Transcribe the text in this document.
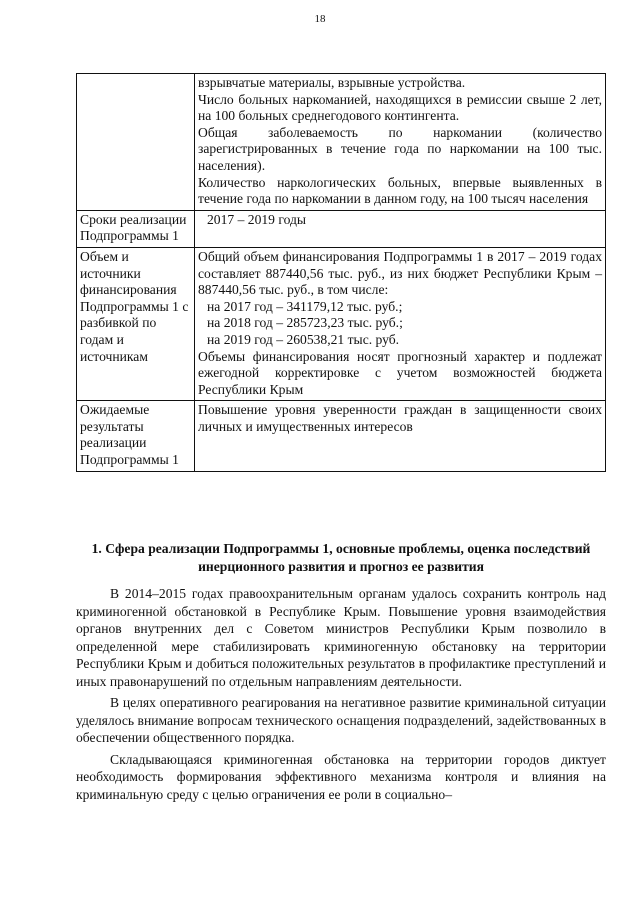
18

	взрывчатые материалы, взрывные устройства.
Число больных наркоманией, находящихся в ремиссии свыше 2 лет, на 100 больных среднегодового контингента.
Общая заболеваемость по наркомании (количество зарегистрированных в течение года по наркомании на 100 тыс. населения).
Количество наркологических больных, впервые выявленных в течение года по наркомании в данном году, на 100 тысяч населения

Сроки реализации Подпрограммы 1	2017 – 2019 годы
Объем и источники финансирования Подпрограммы 1 с разбивкой по годам и источникам	Общий объем финансирования Подпрограммы 1 в 2017 – 2019 годах составляет 887440,56 тыс. руб., из них бюджет Республики Крым – 887440,56 тыс. руб., в том числе:
на 2017 год – 341179,12 тыс. руб.;
на 2018 год – 285723,23 тыс. руб.;
на 2019 год – 260538,21 тыс. руб.
Объемы финансирования носят прогнозный характер и подлежат ежегодной корректировке с учетом возможностей бюджета Республики Крым

Ожидаемые результаты реализации Подпрограммы 1	Повышение уровня уверенности граждан в защищенности своих личных и имущественных интересов
1. Сфера реализации Подпрограммы 1, основные проблемы, оценка последствий инерционного развития и прогноз ее развития

В 2014–2015 годах правоохранительным органам удалось сохранить контроль над криминогенной обстановкой в Республике Крым. Повышение уровня взаимодействия органов внутренних дел с Советом министров Республики Крым позволило в определенной мере стабилизировать криминогенную обстановку на территории Республики Крым и добиться положительных результатов в профилактике преступлений и иных правонарушений по отдельным направлениям деятельности.

В целях оперативного реагирования на негативное развитие криминальной ситуации уделялось внимание вопросам технического оснащения подразделений, задействованных в обеспечении общественного порядка.

Складывающаяся криминогенная обстановка на территории городов диктует необходимость формирования эффективного механизма контроля и влияния на криминальную среду с целью ограничения ее роли в социально–
